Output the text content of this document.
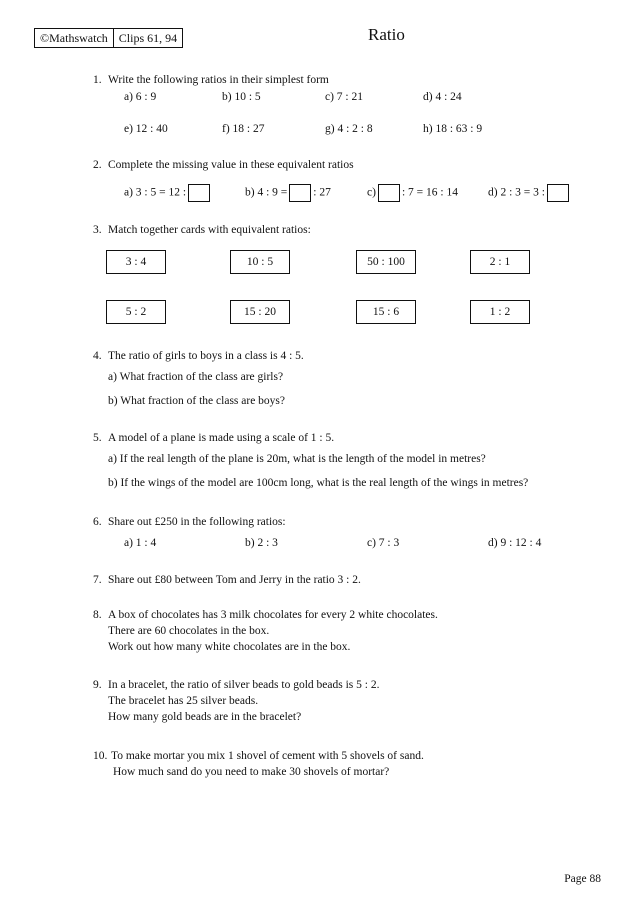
©Mathswatch Clips 61, 94	Ratio
1. Write the following ratios in their simplest form
a) 6 : 9	b) 10 : 5	c) 7 : 21	d) 4 : 24
e) 12 : 40	f) 18 : 27	g) 4 : 2 : 8	h) 18 : 63 : 9
2. Complete the missing value in these equivalent ratios
a) 3 : 5 = 12 :	b) 4 : 9 = : 27	c) : 7 = 16 : 14	d) 2 : 3 = 3 :
3. Match together cards with equivalent ratios:
3 : 4	10 : 5	50 : 100	2 : 1
5 : 2	15 : 20	15 : 6	1 : 2
4. The ratio of girls to boys in a class is 4 : 5.
a) What fraction of the class are girls?
b) What fraction of the class are boys?
5. A model of a plane is made using a scale of 1 : 5.
a) If the real length of the plane is 20m, what is the length of the model in metres?
b) If the wings of the model are 100cm long, what is the real length of the wings in metres?
6. Share out £250 in the following ratios:
a) 1 : 4	b) 2 : 3	c) 7 : 3	d) 9 : 12 : 4
7. Share out £80 between Tom and Jerry in the ratio 3 : 2.
8. A box of chocolates has 3 milk chocolates for every 2 white chocolates.
There are 60 chocolates in the box.
Work out how many white chocolates are in the box.
9. In a bracelet, the ratio of silver beads to gold beads is 5 : 2.
The bracelet has 25 silver beads.
How many gold beads are in the bracelet?
10. To make mortar you mix 1 shovel of cement with 5 shovels of sand.
How much sand do you need to make 30 shovels of mortar?
Page 88
